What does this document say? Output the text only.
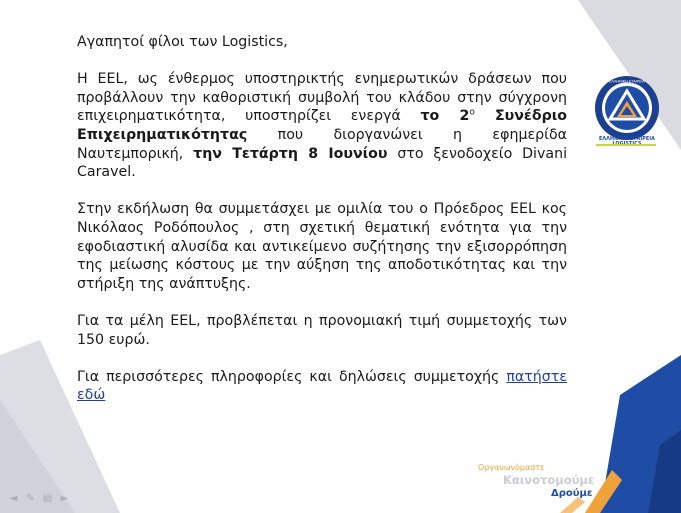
ΕΛΛΗΝΙΚΗ ΕΤΑΙΡΕΙΑ
ΕΛΛΗΝΙΚΗ ΕΤΑΙΡΕΙΑ

Αγαπητοί φίλοι των Logistics,

Η ΕΕL, ως ένθερμος υποστηρικτής ενημερωτικών δράσεων που προβάλλουν την καθοριστική συμβολή του κλάδου στην σύγχρονη επιχειρηματικότητα, υποστηρίζει ενεργά το $2^o$ Συνέδριο Επιχειρηματικότητας που διοργανώνει η εφημερίδα Ναυτεμπορική, την Τετάρτη 8 Ιουνίου στο ξενοδοχείο Divani Caravel.

Στην εκδήλωση θα συμμετάσχει με ομιλία του ο Πρόεδρος ΕΕL κος Νικόλαος Ροδόπουλος , στη σχετική θεματική ενότητα για την εφοδιαστική αλυσίδα και αντικείμενο συζήτησης την εξισορρόπηση της μείωσης κόστους με την αύξηση της αποδοτικότητας και την στήριξη της ανάπτυξης.

Για τα μέλη ΕΕL, προβλέπεται η προνομιακή τιμή συμμετοχής των 150 ευρώ.

Για περισσότερες πληροφορίες και δηλώσεις συμμετοχής πατήστε εδώ

Οργανωνόμαστε
Καινοτομούμε
Δρούμε
◄ ✎ ▤ ►
